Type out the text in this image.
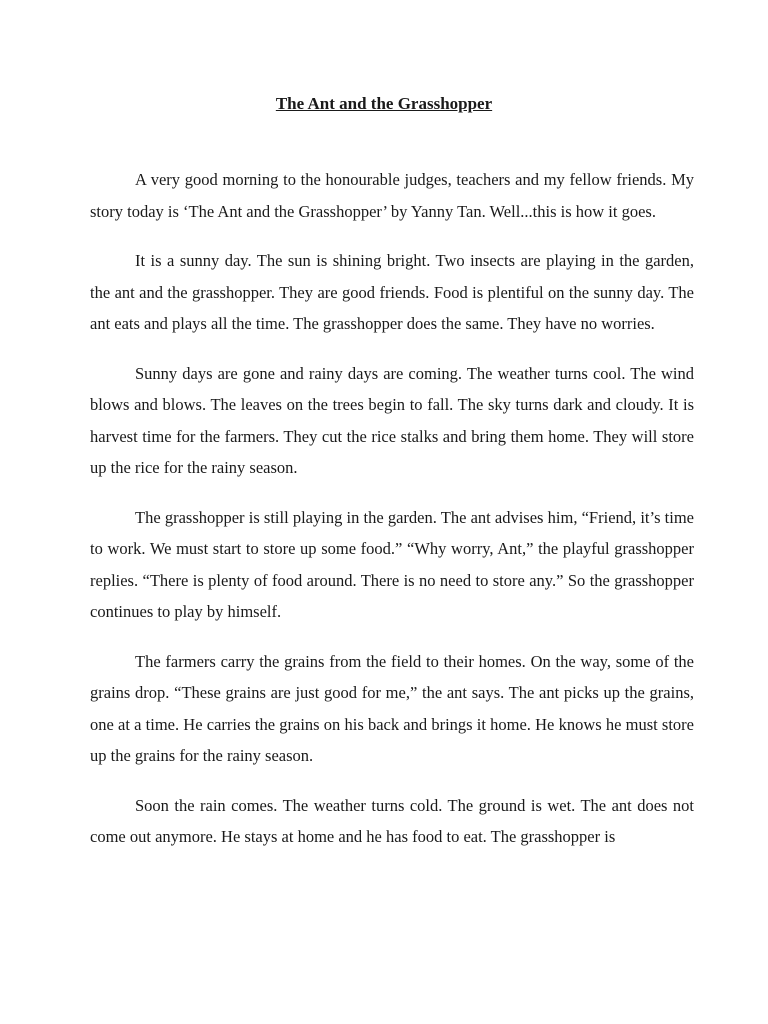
The Ant and the Grasshopper

A very good morning to the honourable judges, teachers and my fellow friends. My story today is ‘The Ant and the Grasshopper’ by Yanny Tan. Well...this is how it goes.

It is a sunny day. The sun is shining bright. Two insects are playing in the garden, the ant and the grasshopper. They are good friends. Food is plentiful on the sunny day. The ant eats and plays all the time. The grasshopper does the same. They have no worries.

Sunny days are gone and rainy days are coming. The weather turns cool. The wind blows and blows. The leaves on the trees begin to fall. The sky turns dark and cloudy. It is harvest time for the farmers. They cut the rice stalks and bring them home. They will store up the rice for the rainy season.

The grasshopper is still playing in the garden. The ant advises him, “Friend, it’s time to work. We must start to store up some food.” “Why worry, Ant,” the playful grasshopper replies. “There is plenty of food around. There is no need to store any.” So the grasshopper continues to play by himself.

The farmers carry the grains from the field to their homes. On the way, some of the grains drop. “These grains are just good for me,” the ant says. The ant picks up the grains, one at a time. He carries the grains on his back and brings it home. He knows he must store up the grains for the rainy season.

Soon the rain comes. The weather turns cold. The ground is wet. The ant does not come out anymore. He stays at home and he has food to eat. The grasshopper is
